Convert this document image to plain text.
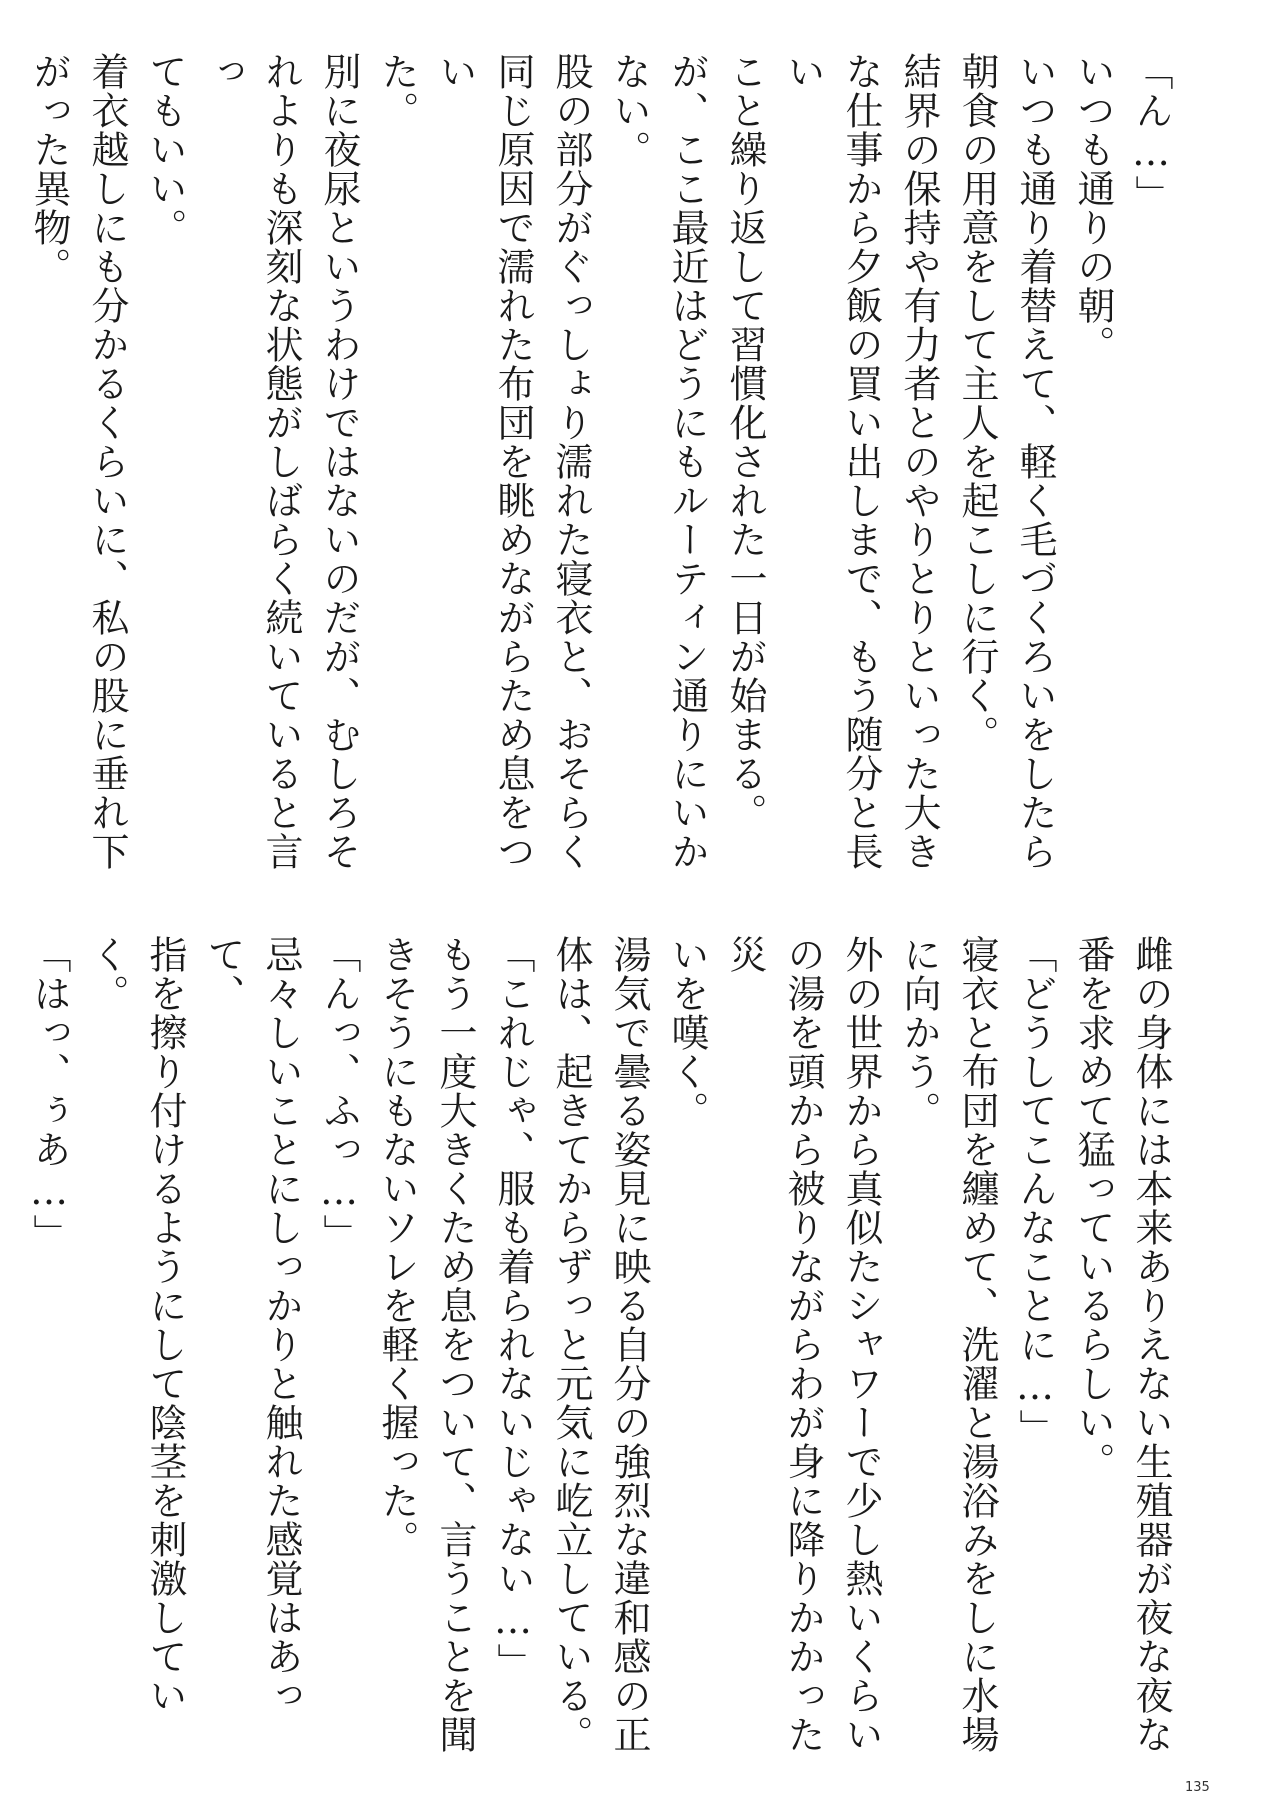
「ん…」

いつも通りの朝。

いつも通り着替えて、軽く毛づくろいをしたら

朝食の用意をして主人を起こしに行く。

結界の保持や有力者とのやりとりといった大き

な仕事から夕飯の買い出しまで、もう随分と長い

こと繰り返して習慣化された一日が始まる。

が、ここ最近はどうにもルーティン通りにいか

ない。

股の部分がぐっしょり濡れた寝衣と、おそらく

同じ原因で濡れた布団を眺めながらため息をつい

た。

別に夜尿というわけではないのだが、むしろそ

れよりも深刻な状態がしばらく続いていると言っ

てもいい。

着衣越しにも分かるくらいに、私の股に垂れ下

がった異物。

雌の身体には本来ありえない生殖器が夜な夜な

番を求めて猛っているらしい。

「どうしてこんなことに…」

寝衣と布団を纏めて、洗濯と湯浴みをしに水場

に向かう。

外の世界から真似たシャワーで少し熱いくらい

の湯を頭から被りながらわが身に降りかかった災

いを嘆く。

湯気で曇る姿見に映る自分の強烈な違和感の正

体は、起きてからずっと元気に屹立している。

「これじゃ、服も着られないじゃない…」

もう一度大きくため息をついて、言うことを聞

きそうにもないソレを軽く握った。

「んっ、ふっ…」

忌々しいことにしっかりと触れた感覚はあって、

指を擦り付けるようにして陰茎を刺激していく。

「はっ、ぅあ…」

135
